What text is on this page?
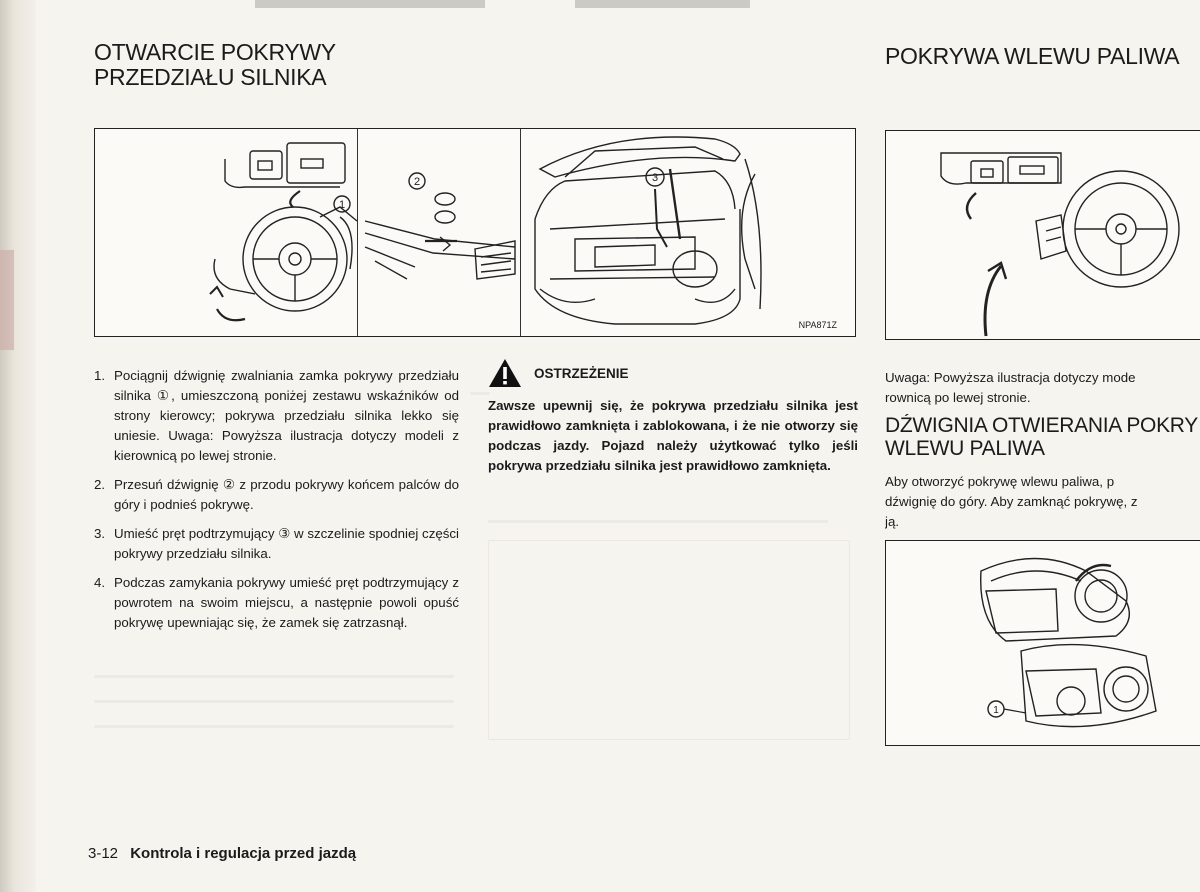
OTWARCIE POKRYWY
PRZEDZIAŁU SILNIKA
POKRYWA WLEWU PALIWA
1
2	3
NPA871Z
1. Pociągnij dźwignię zwalniania zamka pokrywy przedziału silnika ①, umieszczoną poniżej zestawu wskaźników od strony kierowcy; pokrywa przedziału silnika lekko się uniesie. Uwaga: Powyższa ilustracja dotyczy modeli z kierownicą po lewej stronie.
2. Przesuń dźwignię ② z przodu pokrywy końcem palców do góry i podnieś pokrywę.
3. Umieść pręt podtrzymujący ③ w szczelinie spodniej części pokrywy przedziału silnika.
4. Podczas zamykania pokrywy umieść pręt podtrzymujący z powrotem na swoim miejscu, a następnie powoli opuść pokrywę upewniając się, że zamek się zatrzasnął.
OSTRZEŻENIE
Zawsze upewnij się, że pokrywa przedziału silnika jest prawidłowo zamknięta i zablokowana, i że nie otworzy się podczas jazdy. Pojazd należy użytkować tylko jeśli pokrywa przedziału silnika jest prawidłowo zamknięta.
Uwaga: Powyższa ilustracja dotyczy mode
rownicą po lewej stronie.
DŹWIGNIA OTWIERANIA POKRY
WLEWU PALIWA
Aby otworzyć pokrywę wlewu paliwa, p
dźwignię do góry. Aby zamknąć pokrywę, z
ją.
1
3-12 Kontrola i regulacja przed jazdą
